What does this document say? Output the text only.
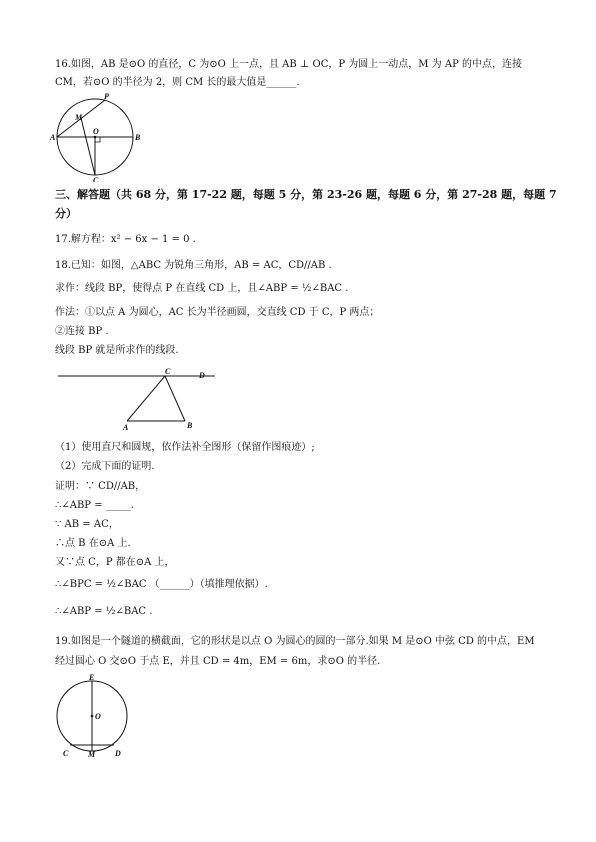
16.如图，AB 是⊙O 的直径，C 为⊙O 上一点，且 AB ⊥ OC，P 为圆上一动点，M 为 AP 的中点，连接
CM，若⊙O 的半径为 2，则 CM 长的最大值是______.
P
M
O
A	B
C
三、解答题（共 68 分，第 17-22 题，每题 5 分，第 23-26 题，每题 6 分，第 27-28 题，每题 7
分）
17.解方程：x² − 6x − 1 = 0 .
18.已知：如图，△ABC 为锐角三角形，AB = AC，CD//AB .
求作：线段 BP，使得点 P 在直线 CD 上，且∠ABP = ½∠BAC .
作法：①以点 A 为圆心，AC 长为半径画圆，交直线 CD 于 C，P 两点；
②连接 BP .
线段 BP 就是所求作的线段.
C	D
A	B
（1）使用直尺和圆规，依作法补全图形（保留作图痕迹）;
（2）完成下面的证明.
证明：∵ CD//AB，
∴∠ABP = _____.
∵ AB = AC，
∴点 B 在⊙A 上.
又∵点 C，P 都在⊙A 上，
∴∠BPC = ½∠BAC （______）（填推理依据）.
∴∠ABP = ½∠BAC .
19.如图是一个隧道的横截面，它的形状是以点 O 为圆心的圆的一部分.如果 M 是⊙O 中弦 CD 的中点，EM
经过圆心 O 交⊙O 于点 E，并且 CD = 4m，EM = 6m，求⊙O 的半径.
E
O
C M D
